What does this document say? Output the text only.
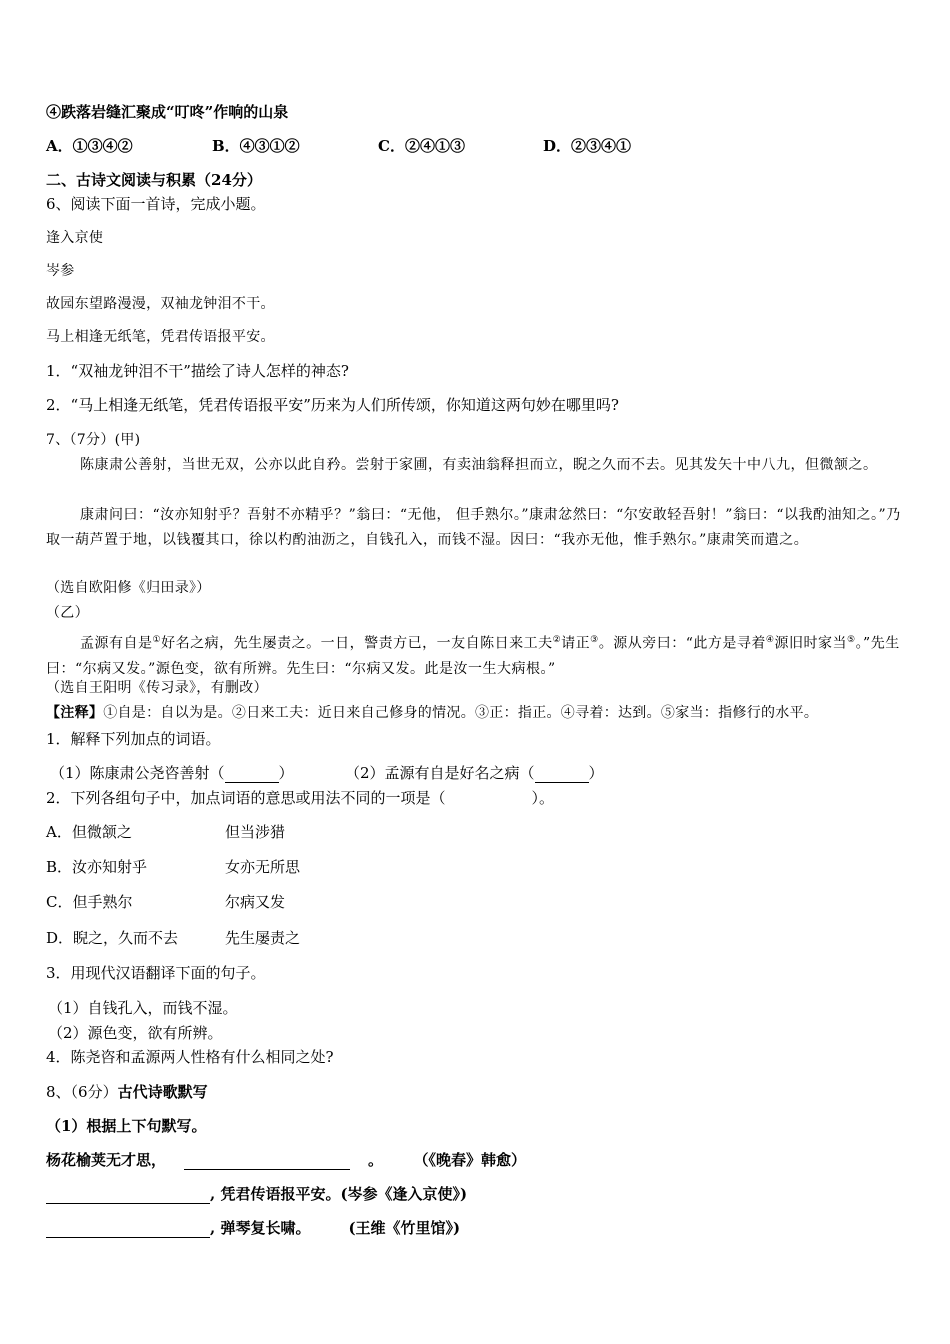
④跌落岩缝汇聚成“叮咚”作响的山泉
A．①③④②	B．④③①②	C．②④①③	D．②③④①
二、古诗文阅读与积累（24分）
6、阅读下面一首诗，完成小题。
逢入京使
岑参
故园东望路漫漫，双袖龙钟泪不干。
马上相逢无纸笔，凭君传语报平安。
1．“双袖龙钟泪不干”描绘了诗人怎样的神态?
2．“马上相逢无纸笔，凭君传语报平安”历来为人们所传颂，你知道这两句妙在哪里吗?
7、（7分）(甲)
陈康肃公善射，当世无双，公亦以此自矜。尝射于家圃，有卖油翁释担而立，睨之久而不去。见其发矢十中八九，但微颔之。
康肃问曰：“汝亦知射乎？吾射不亦精乎？”翁曰：“无他， 但手熟尔。”康肃忿然曰：“尔安敢轻吾射！”翁曰：“以我酌油知之。”乃取一葫芦置于地，以钱覆其口，徐以杓酌油沥之，自钱孔入，而钱不湿。因曰：“我亦无他，惟手熟尔。”康肃笑而遣之。
（选自欧阳修《归田录》）
（乙）
孟源有自是①好名之病，先生屡责之。一日，警责方已，一友自陈日来工夫②请正③。源从旁曰：“此方是寻着④源旧时家当⑤。”先生曰：“尔病又发。”源色变，欲有所辨。先生曰：“尔病又发。此是汝一生大病根。”
（选自王阳明《传习录》，有删改）
【注释】①自是：自以为是。②日来工夫：近日来自己修身的情况。③正：指正。④寻着：达到。⑤家当：指修行的水平。
1．解释下列加点的词语。
（1）陈康肃公尧咨善射（	）	（2）孟源有自是好名之病（	）
2．下列各组句子中，加点词语的意思或用法不同的一项是（	）。
A．但微颔之	但当涉猎
B．汝亦知射乎	女亦无所思
C．但手熟尔	尔病又发
D．睨之，久而不去	先生屡责之
3．用现代汉语翻译下面的句子。
（1）自钱孔入，而钱不湿。
（2）源色变，欲有所辨。
4．陈尧咨和孟源两人性格有什么相同之处?
8、（6分）古代诗歌默写
（1）根据上下句默写。
杨花榆荚无才思，	。	（《晚春》韩愈）
, 凭君传语报平安。(岑参《逢入京使》)
, 弹琴复长啸。	(王维《竹里馆》)
